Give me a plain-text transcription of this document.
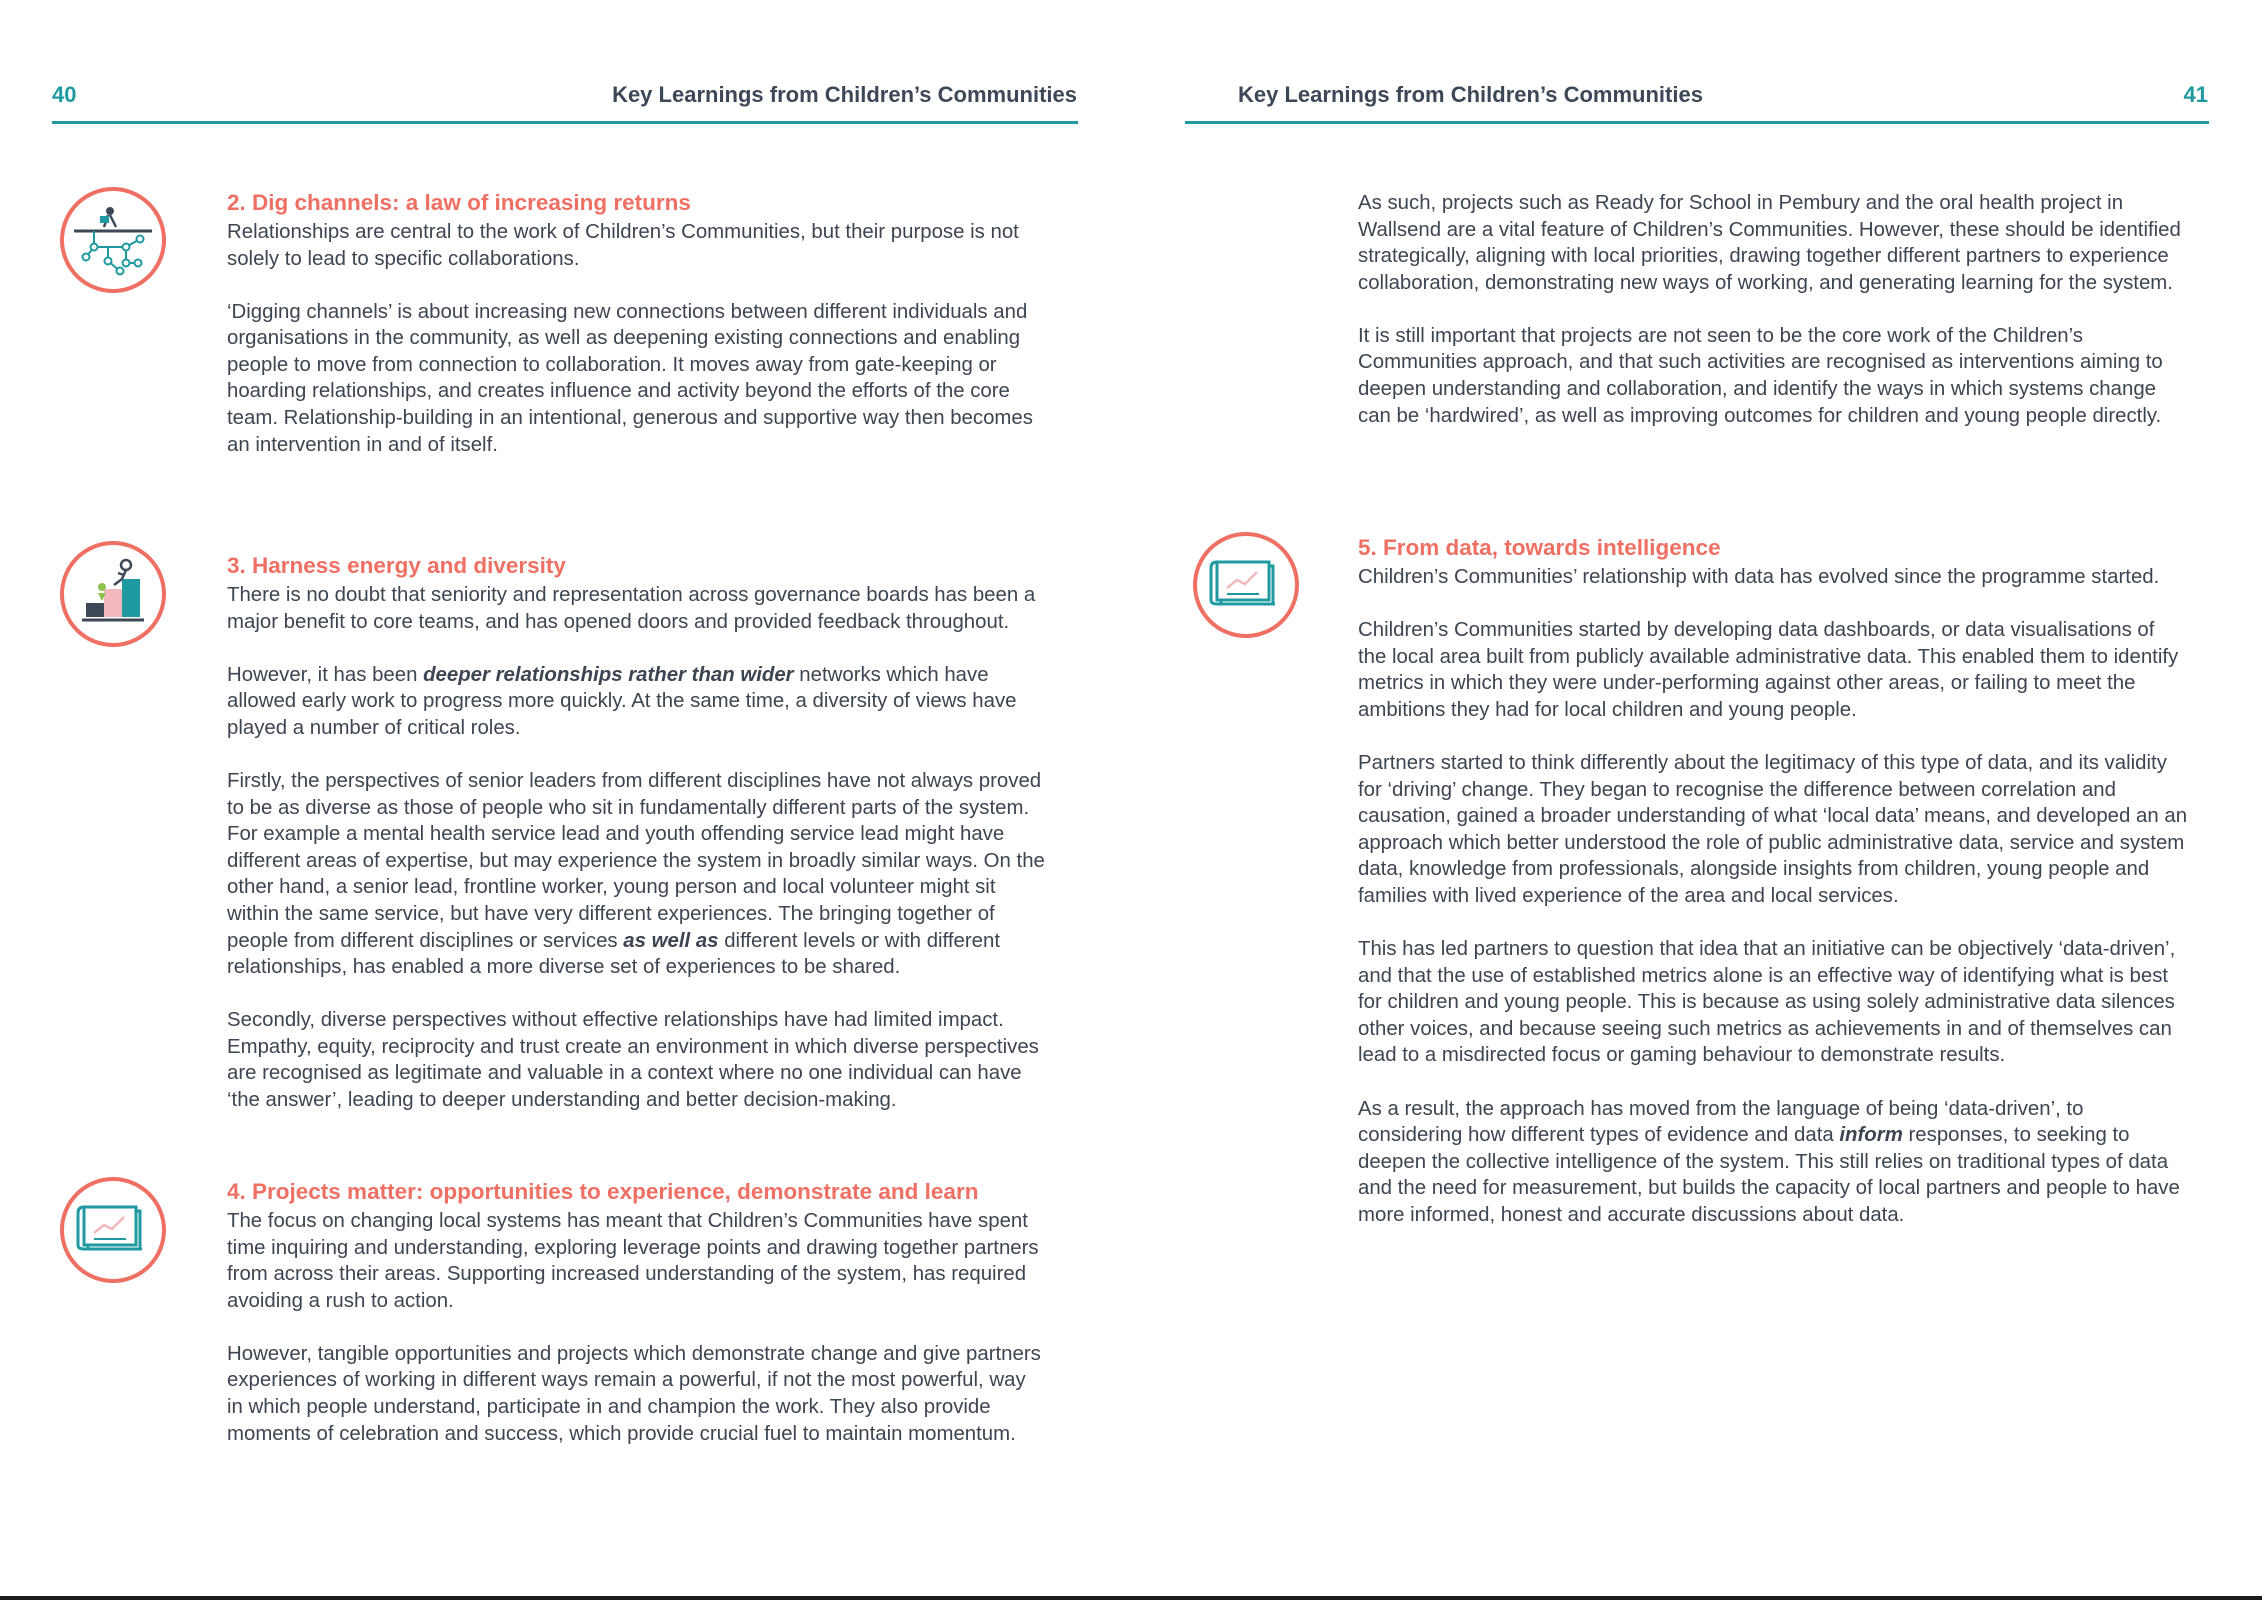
40	Key Learnings from Children’s Communities
2. Dig channels: a law of increasing returns

Relationships are central to the work of Children’s Communities, but their purpose is not solely to lead to specific collaborations.

‘Digging channels’ is about increasing new connections between different individuals and organisations in the community, as well as deepening existing connections and enabling people to move from connection to collaboration. It moves away from gate-keeping or hoarding relationships, and creates influence and activity beyond the efforts of the core team. Relationship-building in an intentional, generous and supportive way then becomes an intervention in and of itself.

3. Harness energy and diversity

There is no doubt that seniority and representation across governance boards has been a major benefit to core teams, and has opened doors and provided feedback throughout.

However, it has been deeper relationships rather than wider networks which have allowed early work to progress more quickly. At the same time, a diversity of views have played a number of critical roles.

Firstly, the perspectives of senior leaders from different disciplines have not always proved to be as diverse as those of people who sit in fundamentally different parts of the system. For example a mental health service lead and youth offending service lead might have different areas of expertise, but may experience the system in broadly similar ways. On the other hand, a senior lead, frontline worker, young person and local volunteer might sit within the same service, but have very different experiences. The bringing together of people from different disciplines or services as well as different levels or with different relationships, has enabled a more diverse set of experiences to be shared.

Secondly, diverse perspectives without effective relationships have had limited impact. Empathy, equity, reciprocity and trust create an environment in which diverse perspectives are recognised as legitimate and valuable in a context where no one individual can have ‘the answer’, leading to deeper understanding and better decision-making.

4. Projects matter: opportunities to experience, demonstrate and learn

The focus on changing local systems has meant that Children’s Communities have spent time inquiring and understanding, exploring leverage points and drawing together partners from across their areas. Supporting increased understanding of the system, has required avoiding a rush to action.

However, tangible opportunities and projects which demonstrate change and give partners experiences of working in different ways remain a powerful, if not the most powerful, way in which people understand, participate in and champion the work. They also provide moments of celebration and success, which provide crucial fuel to maintain momentum.

Key Learnings from Children’s Communities	41

As such, projects such as Ready for School in Pembury and the oral health project in Wallsend are a vital feature of Children’s Communities. However, these should be identified strategically, aligning with local priorities, drawing together different partners to experience collaboration, demonstrating new ways of working, and generating learning for the system.

It is still important that projects are not seen to be the core work of the Children’s Communities approach, and that such activities are recognised as interventions aiming to deepen understanding and collaboration, and identify the ways in which systems change can be ‘hardwired’, as well as improving outcomes for children and young people directly.

5. From data, towards intelligence

Children’s Communities’ relationship with data has evolved since the programme started.

Children’s Communities started by developing data dashboards, or data visualisations of the local area built from publicly available administrative data. This enabled them to identify metrics in which they were under-performing against other areas, or failing to meet the ambitions they had for local children and young people.

Partners started to think differently about the legitimacy of this type of data, and its validity for ‘driving’ change. They began to recognise the difference between correlation and causation, gained a broader understanding of what ‘local data’ means, and developed an an approach which better understood the role of public administrative data, service and system data, knowledge from professionals, alongside insights from children, young people and families with lived experience of the area and local services.

This has led partners to question that idea that an initiative can be objectively ‘data-driven’, and that the use of established metrics alone is an effective way of identifying what is best for children and young people. This is because as using solely administrative data silences other voices, and because seeing such metrics as achievements in and of themselves can lead to a misdirected focus or gaming behaviour to demonstrate results.

As a result, the approach has moved from the language of being ‘data-driven’, to considering how different types of evidence and data inform responses, to seeking to deepen the collective intelligence of the system. This still relies on traditional types of data and the need for measurement, but builds the capacity of local partners and people to have more informed, honest and accurate discussions about data.
